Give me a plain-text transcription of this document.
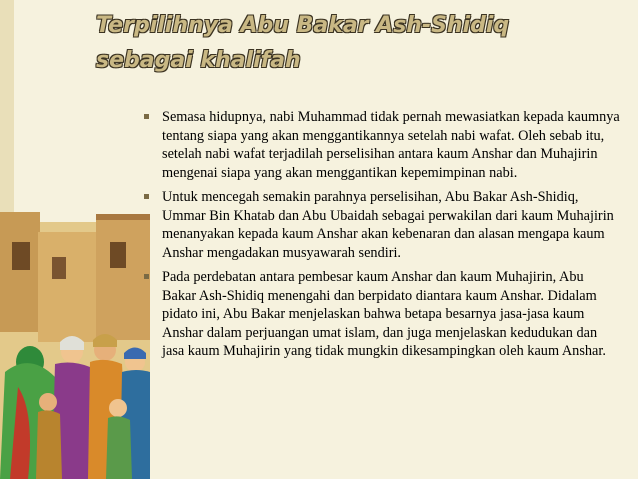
Terpilihnya Abu Bakar Ash-Shidiq
sebagai khalifah
Semasa hidupnya, nabi Muhammad tidak pernah mewasiatkan kepada kaumnya tentang siapa yang akan menggantikannya setelah nabi wafat. Oleh sebab itu, setelah nabi wafat terjadilah perselisihan antara kaum Anshar dan Muhajirin mengenai siapa yang akan menggantikan kepemimpinan nabi.
Untuk mencegah semakin parahnya perselisihan, Abu Bakar Ash-Shidiq, Ummar Bin Khatab dan Abu Ubaidah sebagai perwakilan dari kaum Muhajirin menanyakan kepada kaum Anshar akan kebenaran dan alasan mengapa kaum Anshar mengadakan musyawarah sendiri.
Pada perdebatan antara pembesar kaum Anshar dan kaum Muhajirin, Abu Bakar Ash-Shidiq menengahi dan berpidato diantara kaum Anshar. Didalam pidato ini, Abu Bakar menjelaskan bahwa betapa besarnya jasa-jasa kaum Anshar dalam perjuangan umat islam, dan juga menjelaskan kedudukan dan jasa kaum Muhajirin yang tidak mungkin dikesampingkan oleh kaum Anshar.
